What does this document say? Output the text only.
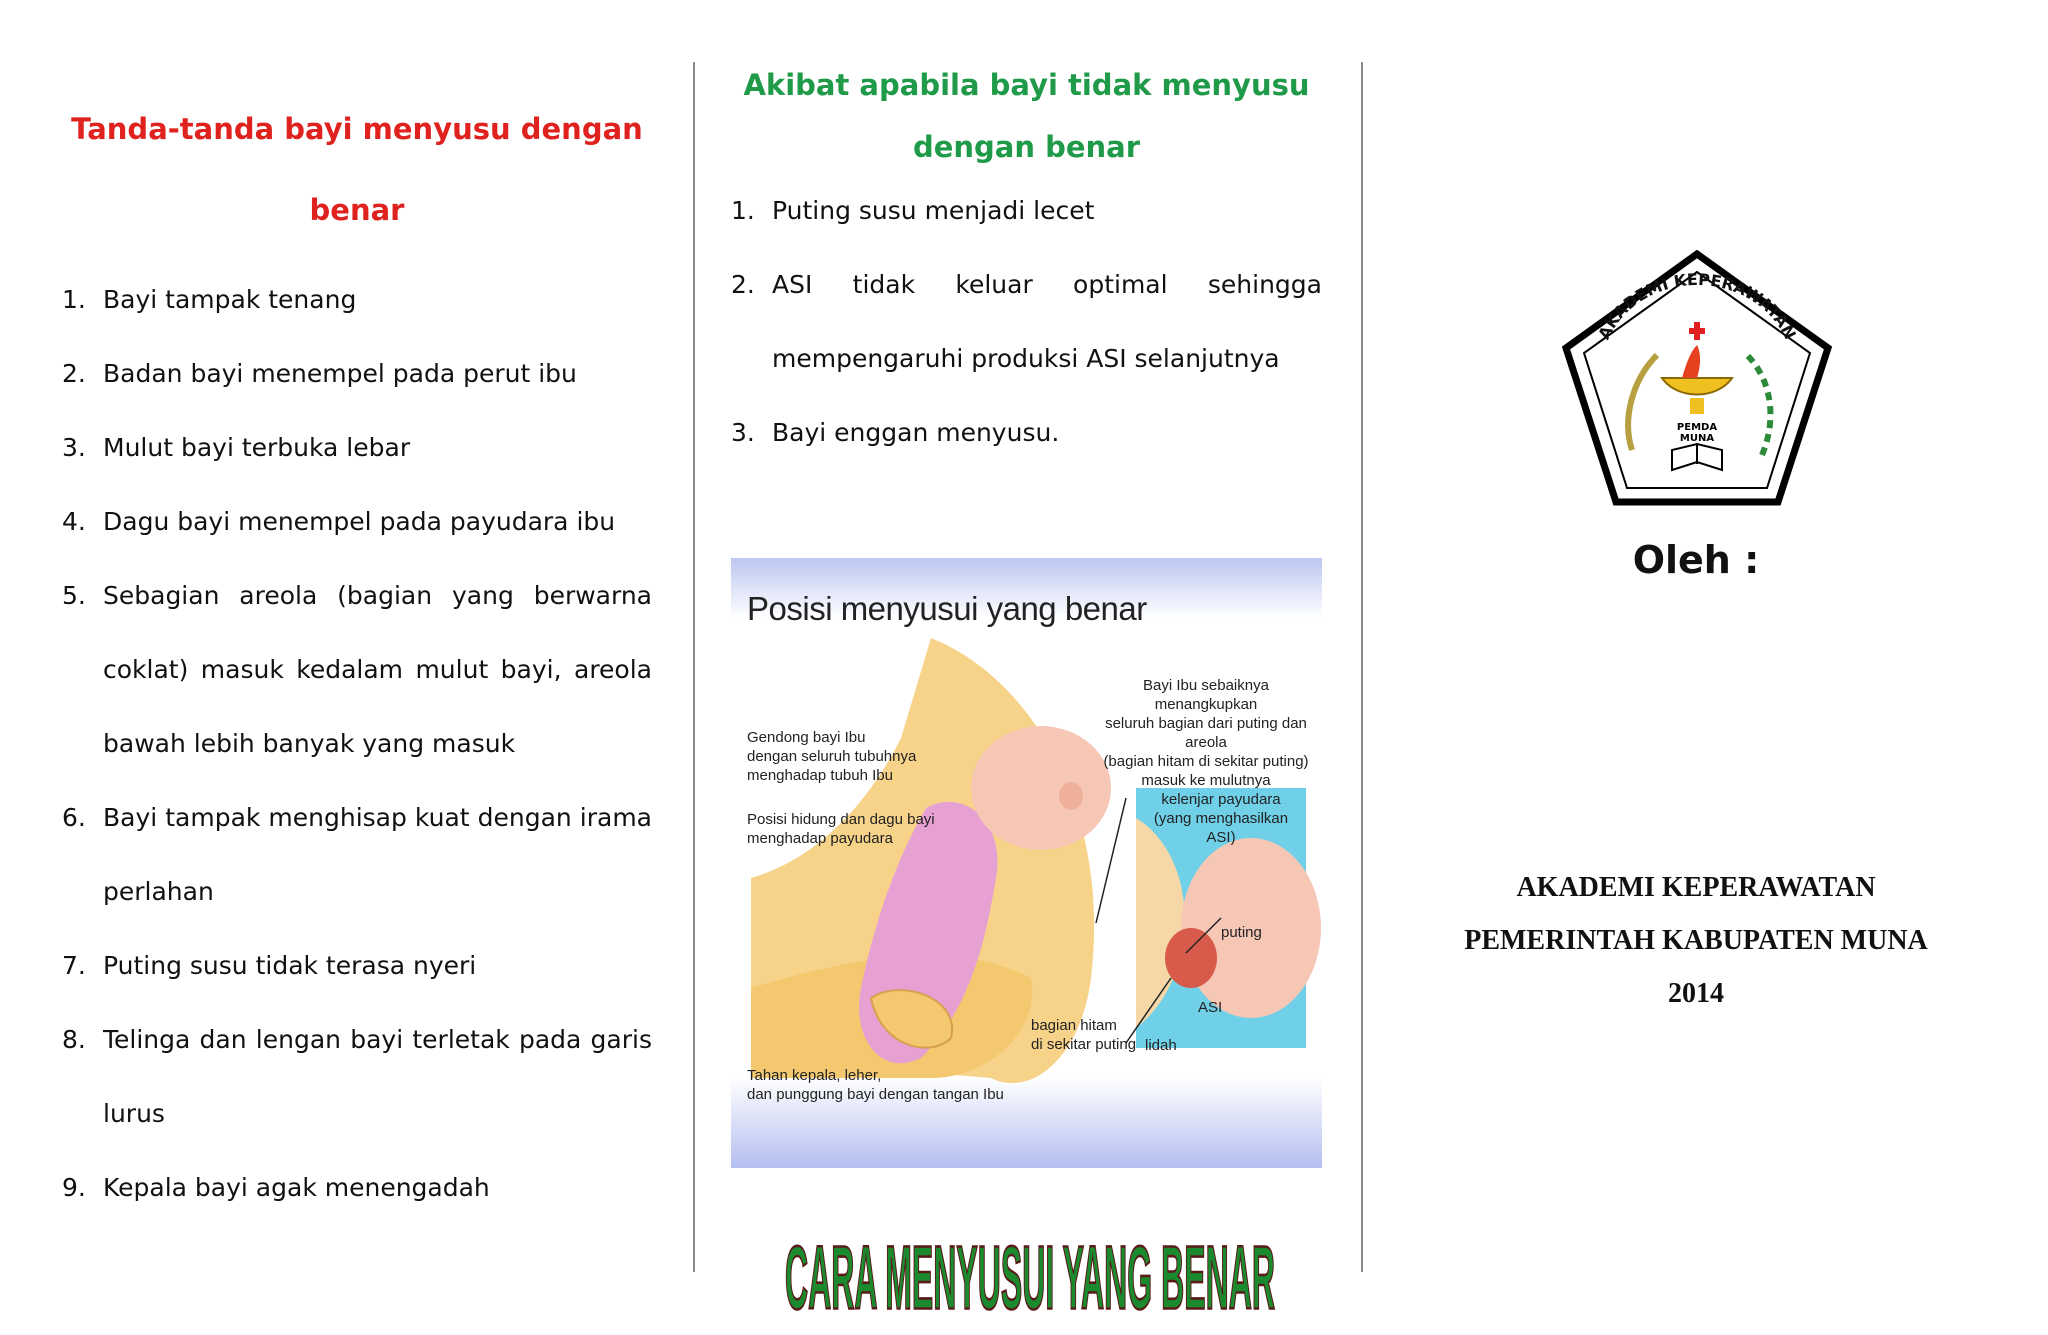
Tanda-tanda bayi menyusu dengan

benar

1. Bayi tampak tenang
2. Badan bayi menempel pada perut ibu
3. Mulut bayi terbuka lebar
4. Dagu bayi menempel pada payudara ibu
5. Sebagian areola (bagian yang berwarna
coklat) masuk kedalam mulut bayi, areola
bawah lebih banyak yang masuk
6. Bayi tampak menghisap kuat dengan irama
perlahan
7. Puting susu tidak terasa nyeri
8. Telinga dan lengan bayi terletak pada garis
lurus
9. Kepala bayi agak menengadah

Akibat apabila bayi tidak menyusu

dengan benar

1. Puting susu menjadi lecet
2. ASI tidak keluar optimal sehingga
mempengaruhi produksi ASI selanjutnya
3. Bayi enggan menyusu.
Posisi menyusui yang benar
Bayi Ibu sebaiknya menangkupkan
seluruh bagian dari puting dan areola
(bagian hitam di sekitar puting)
masuk ke mulutnya
Gendong bayi Ibu
dengan seluruh tubuhnya
menghadap tubuh Ibu
Posisi hidung dan dagu bayi
menghadap payudara
kelenjar payudara
(yang menghasilkan ASI)
puting
ASI
bagian hitam
di sekitar puting lidah
Tahan kepala, leher,
dan punggung bayi dengan tangan Ibu
CARA MENYUSUI YANG BENAR
AKADEMI KEPERAWATAN
PEMDA
MUNA
Oleh :
AKADEMI KEPERAWATAN
PEMERINTAH KABUPATEN MUNA
2014
